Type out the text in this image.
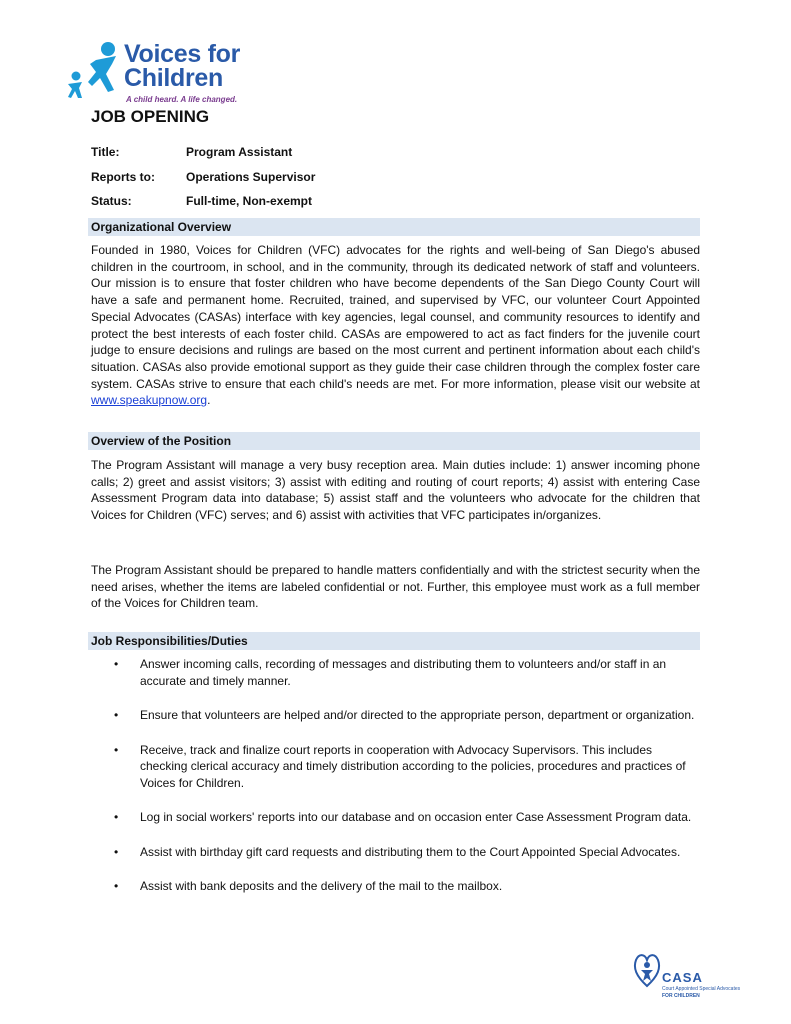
Voices for
Children
A child heard. A life changed.
JOB OPENING
Title:	Program Assistant
Reports to:	Operations Supervisor
Status:	Full-time, Non-exempt
Organizational Overview
Founded in 1980, Voices for Children (VFC) advocates for the rights and well-being of San Diego's abused children in the courtroom, in school, and in the community, through its dedicated network of staff and volunteers. Our mission is to ensure that foster children who have become dependents of the San Diego County Court will have a safe and permanent home. Recruited, trained, and supervised by VFC, our volunteer Court Appointed Special Advocates (CASAs) interface with key agencies, legal counsel, and community resources to identify and protect the best interests of each foster child. CASAs are empowered to act as fact finders for the juvenile court judge to ensure decisions and rulings are based on the most current and pertinent information about each child's situation. CASAs also provide emotional support as they guide their case children through the complex foster care system. CASAs strive to ensure that each child's needs are met. For more information, please visit our website at www.speakupnow.org.
Overview of the Position
The Program Assistant will manage a very busy reception area. Main duties include: 1) answer incoming phone calls; 2) greet and assist visitors; 3) assist with editing and routing of court reports; 4) assist with entering Case Assessment Program data into database; 5) assist staff and the volunteers who advocate for the children that Voices for Children (VFC) serves; and 6) assist with activities that VFC participates in/organizes.
The Program Assistant should be prepared to handle matters confidentially and with the strictest security when the need arises, whether the items are labeled confidential or not. Further, this employee must work as a full member of the Voices for Children team.
Job Responsibilities/Duties
• Answer incoming calls, recording of messages and distributing them to volunteers and/or staff in an accurate and timely manner.
• Ensure that volunteers are helped and/or directed to the appropriate person, department or organization.
• Receive, track and finalize court reports in cooperation with Advocacy Supervisors. This includes checking clerical accuracy and timely distribution according to the policies, procedures and practices of Voices for Children.
• Log in social workers' reports into our database and on occasion enter Case Assessment Program data.
• Assist with birthday gift card requests and distributing them to the Court Appointed Special Advocates.
• Assist with bank deposits and the delivery of the mail to the mailbox.
CASA
Court Appointed Special Advocates
FOR CHILDREN
